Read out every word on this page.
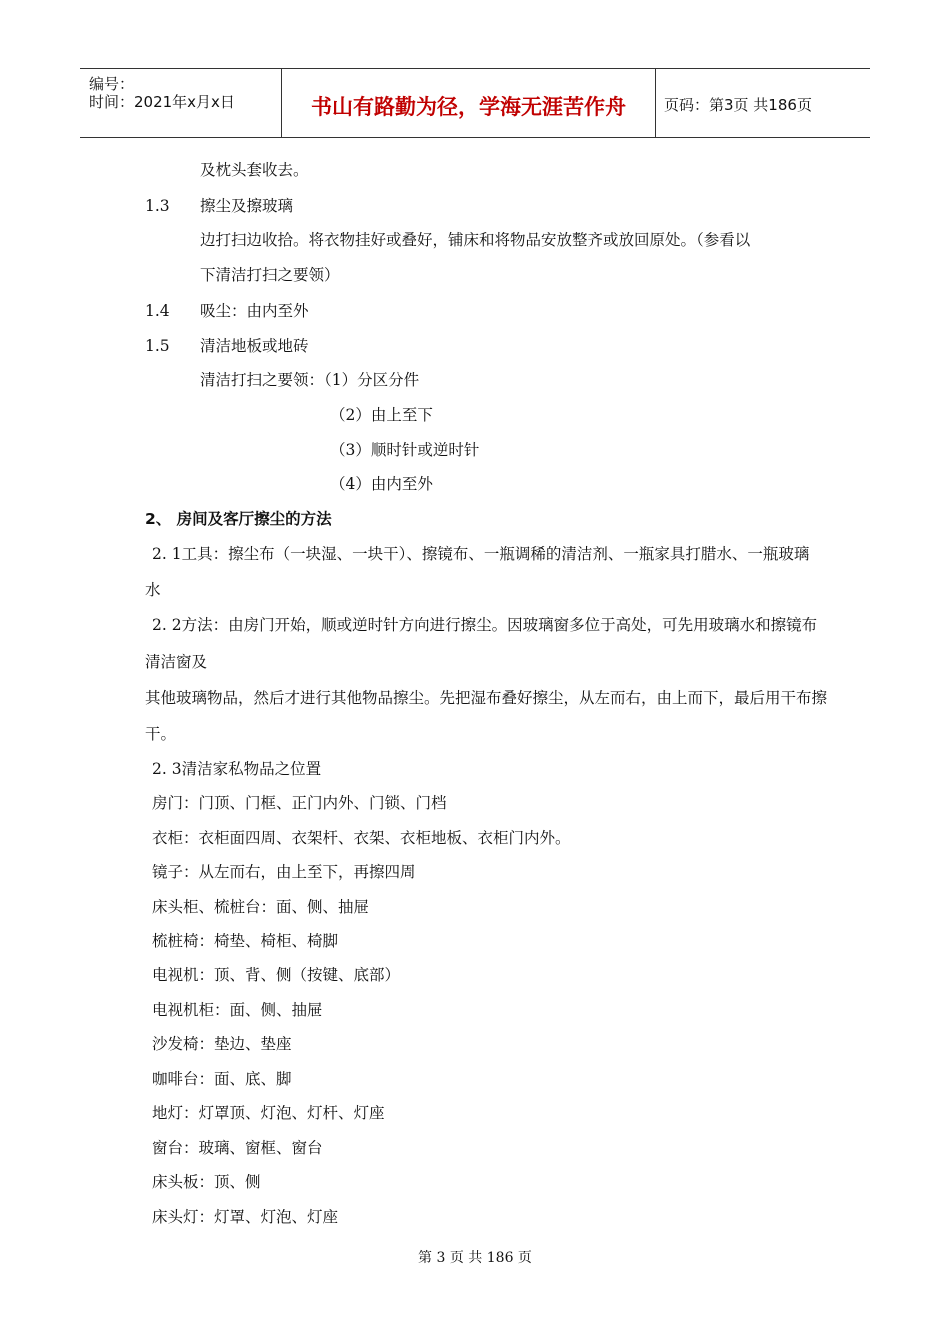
编号：
时间：2021年x月x日	书山有路勤为径，学海无涯苦作舟	页码：第3页 共186页
及枕头套收去。
1.3 擦尘及擦玻璃
边打扫边收拾。将衣物挂好或叠好，铺床和将物品安放整齐或放回原处。（参看以
下清洁打扫之要领）
1.4 吸尘：由内至外
1.5 清洁地板或地砖
清洁打扫之要领：（1）分区分件
（2）由上至下
（3）顺时针或逆时针
（4）由内至外
2、 房间及客厅擦尘的方法
2. 1工具：擦尘布（一块湿、一块干）、擦镜布、一瓶调稀的清洁剂、一瓶家具打腊水、一瓶玻璃
水
2. 2方法：由房门开始，顺或逆时针方向进行擦尘。因玻璃窗多位于高处，可先用玻璃水和擦镜布
清洁窗及
其他玻璃物品，然后才进行其他物品擦尘。先把湿布叠好擦尘，从左而右，由上而下，最后用干布擦
干。
2. 3清洁家私物品之位置
房门：门顶、门框、正门内外、门锁、门档
衣柜：衣柜面四周、衣架杆、衣架、衣柜地板、衣柜门内外。
镜子：从左而右，由上至下，再擦四周
床头柜、梳桩台：面、侧、抽屉
梳桩椅：椅垫、椅柜、椅脚
电视机：顶、背、侧（按键、底部）
电视机柜：面、侧、抽屉
沙发椅：垫边、垫座
咖啡台：面、底、脚
地灯：灯罩顶、灯泡、灯杆、灯座
窗台：玻璃、窗框、窗台
床头板：顶、侧
床头灯：灯罩、灯泡、灯座
第 3 页 共 186 页
